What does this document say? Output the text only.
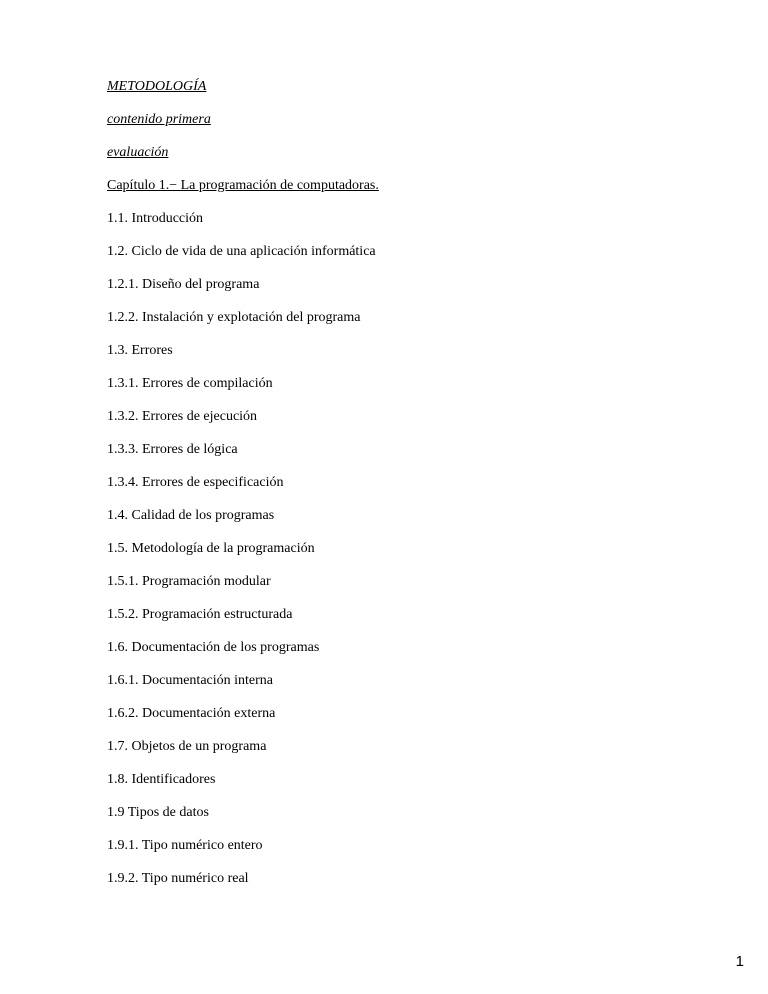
METODOLOGÍA
contenido primera
evaluación
Capítulo 1.− La programación de computadoras.
1.1. Introducción
1.2. Ciclo de vida de una aplicación informática
1.2.1. Diseño del programa
1.2.2. Instalación y explotación del programa
1.3. Errores
1.3.1. Errores de compilación
1.3.2. Errores de ejecución
1.3.3. Errores de lógica
1.3.4. Errores de especificación
1.4. Calidad de los programas
1.5. Metodología de la programación
1.5.1. Programación modular
1.5.2. Programación estructurada
1.6. Documentación de los programas
1.6.1. Documentación interna
1.6.2. Documentación externa
1.7. Objetos de un programa
1.8. Identificadores
1.9 Tipos de datos
1.9.1. Tipo numérico entero
1.9.2. Tipo numérico real
1
